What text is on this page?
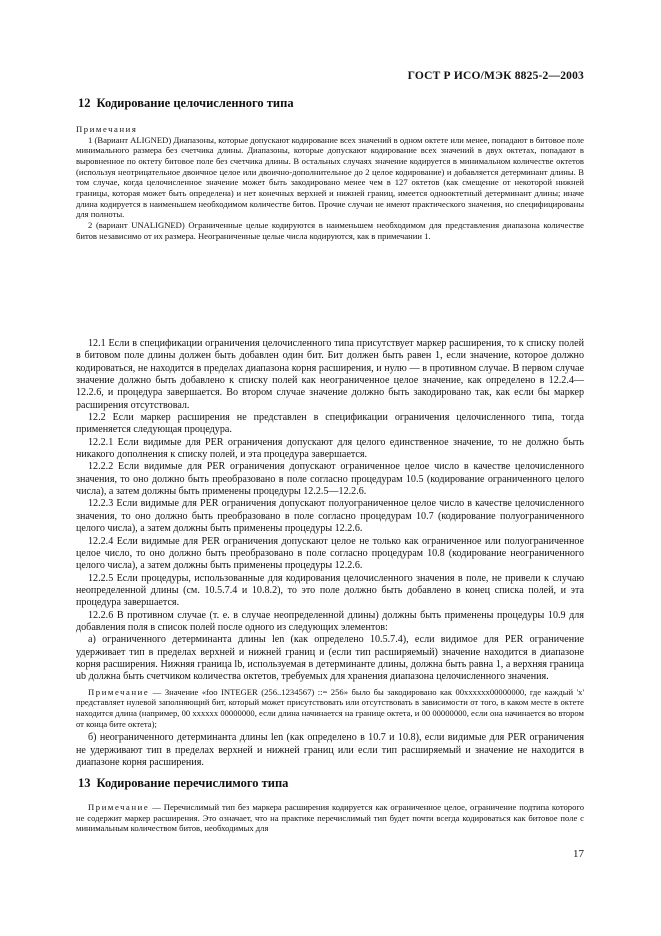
ГОСТ Р ИСО/МЭК 8825-2—2003
12 Кодирование целочисленного типа

Примечания

1 (Вариант ALIGNED) Диапазоны, которые допускают кодирование всех значений в одном октете или менее, попадают в битовое поле минимального размера без счетчика длины. Диапазоны, которые допускают кодирование всех значений в двух октетах, попадают в выровненное по октету битовое поле без счетчика длины. В остальных случаях значение кодируется в минимальном количестве октетов (используя неотрицательное двоичное целое или двоично-дополнительное до 2 целое кодирование) и добавляется детерминант длины. В том случае, когда целочисленное значение может быть закодировано менее чем в 127 октетов (как смещение от некоторой нижней границы, которая может быть определена) и нет конечных верхней и нижней границ, имеется однооктетный детерминант длины; иначе длина кодируется в наименьшем необходимом количестве битов. Прочие случаи не имеют практического значения, но специфицированы для полноты.

2 (вариант UNALIGNED) Ограниченные целые кодируются в наименьшем необходимом для представления диапазона количестве битов независимо от их размера. Неограниченные целые числа кодируются, как в примечании 1.

12.1 Если в спецификации ограничения целочисленного типа присутствует маркер расширения, то к списку полей в битовом поле длины должен быть добавлен один бит. Бит должен быть равен 1, если значение, которое должно кодироваться, не находится в пределах диапазона корня расширения, и нулю — в противном случае. В первом случае значение должно быть добавлено к списку полей как неограниченное целое значение, как определено в 12.2.4—12.2.6, и процедура завершается. Во втором случае значение должно быть закодировано так, как если бы маркер расширения отсутствовал.

12.2 Если маркер расширения не представлен в спецификации ограничения целочисленного типа, тогда применяется следующая процедура.

12.2.1 Если видимые для PER ограничения допускают для целого единственное значение, то не должно быть никакого дополнения к списку полей, и эта процедура завершается.

12.2.2 Если видимые для PER ограничения допускают ограниченное целое число в качестве целочисленного значения, то оно должно быть преобразовано в поле согласно процедурам 10.5 (кодирование ограниченного целого числа), а затем должны быть применены процедуры 12.2.5—12.2.6.

12.2.3 Если видимые для PER ограничения допускают полуограниченное целое число в качестве целочисленного значения, то оно должно быть преобразовано в поле согласно процедурам 10.7 (кодирование полуограниченного целого числа), а затем должны быть применены процедуры 12.2.6.

12.2.4 Если видимые для PER ограничения допускают целое не только как ограниченное или полуограниченное целое число, то оно должно быть преобразовано в поле согласно процедурам 10.8 (кодирование неограниченного целого числа), а затем должны быть применены процедуры 12.2.6.

12.2.5 Если процедуры, использованные для кодирования целочисленного значения в поле, не привели к случаю неопределенной длины (см. 10.5.7.4 и 10.8.2), то это поле должно быть добавлено в конец списка полей, и эта процедура завершается.

12.2.6 В противном случае (т. е. в случае неопределенной длины) должны быть применены процедуры 10.9 для добавления поля в список полей после одного из следующих элементов:

а) ограниченного детерминанта длины len (как определено 10.5.7.4), если видимое для PER ограничение удерживает тип в пределах верхней и нижней границ и (если тип расширяемый) значение находится в диапазоне корня расширения. Нижняя граница lb, используемая в детерминанте длины, должна быть равна 1, а верхняя граница ub должна быть счетчиком количества октетов, требуемых для хранения диапазона целочисленного значения.

Примечание — Значение «foo INTEGER (256..1234567) ::= 256» было бы закодировано как 00xxxxxx00000000, где каждый 'x' представляет нулевой заполняющий бит, который может присутствовать или отсутствовать в зависимости от того, в каком месте в октете находится длина (например, 00 xxxxxx 00000000, если длина начинается на границе октета, и 00 00000000, если она начинается во втором от конца бите октета);

б) неограниченного детерминанта длины len (как определено в 10.7 и 10.8), если видимые для PER ограничения не удерживают тип в пределах верхней и нижней границ или если тип расширяемый и значение не находится в диапазоне корня расширения.

13 Кодирование перечислимого типа

Примечание — Перечислимый тип без маркера расширения кодируется как ограниченное целое, ограничение подтипа которого не содержит маркер расширения. Это означает, что на практике перечислимый тип будет почти всегда кодироваться как битовое поле с минимальным количеством битов, необходимых для

17
